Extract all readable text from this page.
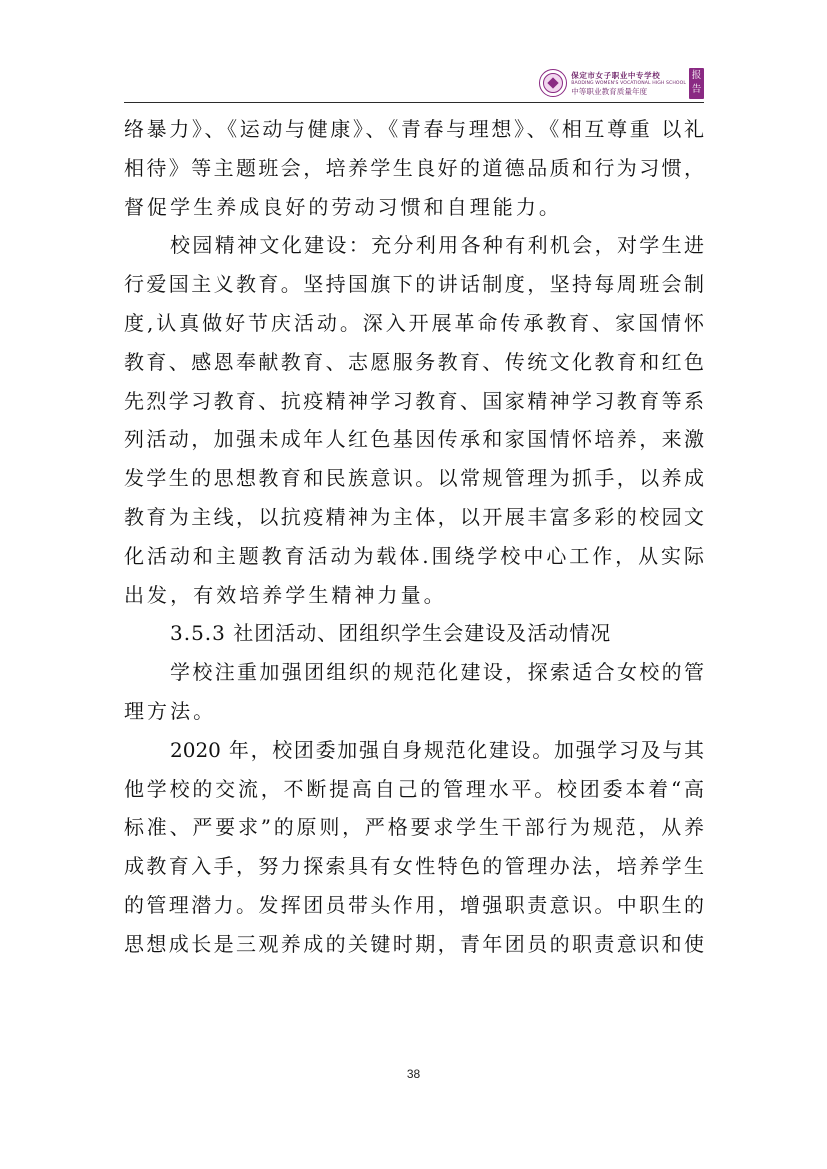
保定市女子职业中专学校
BAODING WOMEN'S VOCATIONAL HIGH SCHOOL
中等职业教育质量年度
报
告
络暴力》、《运动与健康》、《青春与理想》、《相互尊重 以礼
相待》等主题班会，培养学生良好的道德品质和行为习惯，
督促学生养成良好的劳动习惯和自理能力。
校园精神文化建设：充分利用各种有利机会，对学生进
行爱国主义教育。坚持国旗下的讲话制度，坚持每周班会制
度,认真做好节庆活动。深入开展革命传承教育、家国情怀
教育、感恩奉献教育、志愿服务教育、传统文化教育和红色
先烈学习教育、抗疫精神学习教育、国家精神学习教育等系
列活动，加强未成年人红色基因传承和家国情怀培养，来激
发学生的思想教育和民族意识。以常规管理为抓手，以养成
教育为主线，以抗疫精神为主体，以开展丰富多彩的校园文
化活动和主题教育活动为载体.围绕学校中心工作，从实际
出发，有效培养学生精神力量。
3.5.3 社团活动、团组织学生会建设及活动情况
学校注重加强团组织的规范化建设，探索适合女校的管
理方法。
2020 年，校团委加强自身规范化建设。加强学习及与其
他学校的交流，不断提高自己的管理水平。校团委本着“高
标准、严要求”的原则，严格要求学生干部行为规范，从养
成教育入手，努力探索具有女性特色的管理办法，培养学生
的管理潜力。发挥团员带头作用，增强职责意识。中职生的
思想成长是三观养成的关键时期，青年团员的职责意识和使
38
